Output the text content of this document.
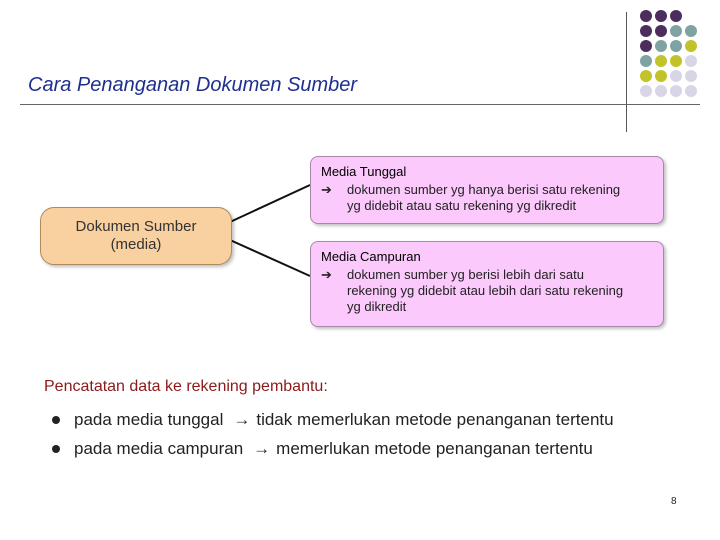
Cara Penanganan Dokumen Sumber
Dokumen Sumber
(media)
Media Tunggal
➔	dokumen sumber yg hanya berisi satu rekening
yg didebit atau satu rekening yg dikredit
Media Campuran
➔	dokumen sumber yg berisi lebih dari satu
rekening yg didebit atau lebih dari satu rekening
yg dikredit
Pencatatan data ke rekening pembantu:
pada media tunggal → tidak memerlukan metode penanganan tertentu
pada media campuran → memerlukan metode penanganan tertentu
8
